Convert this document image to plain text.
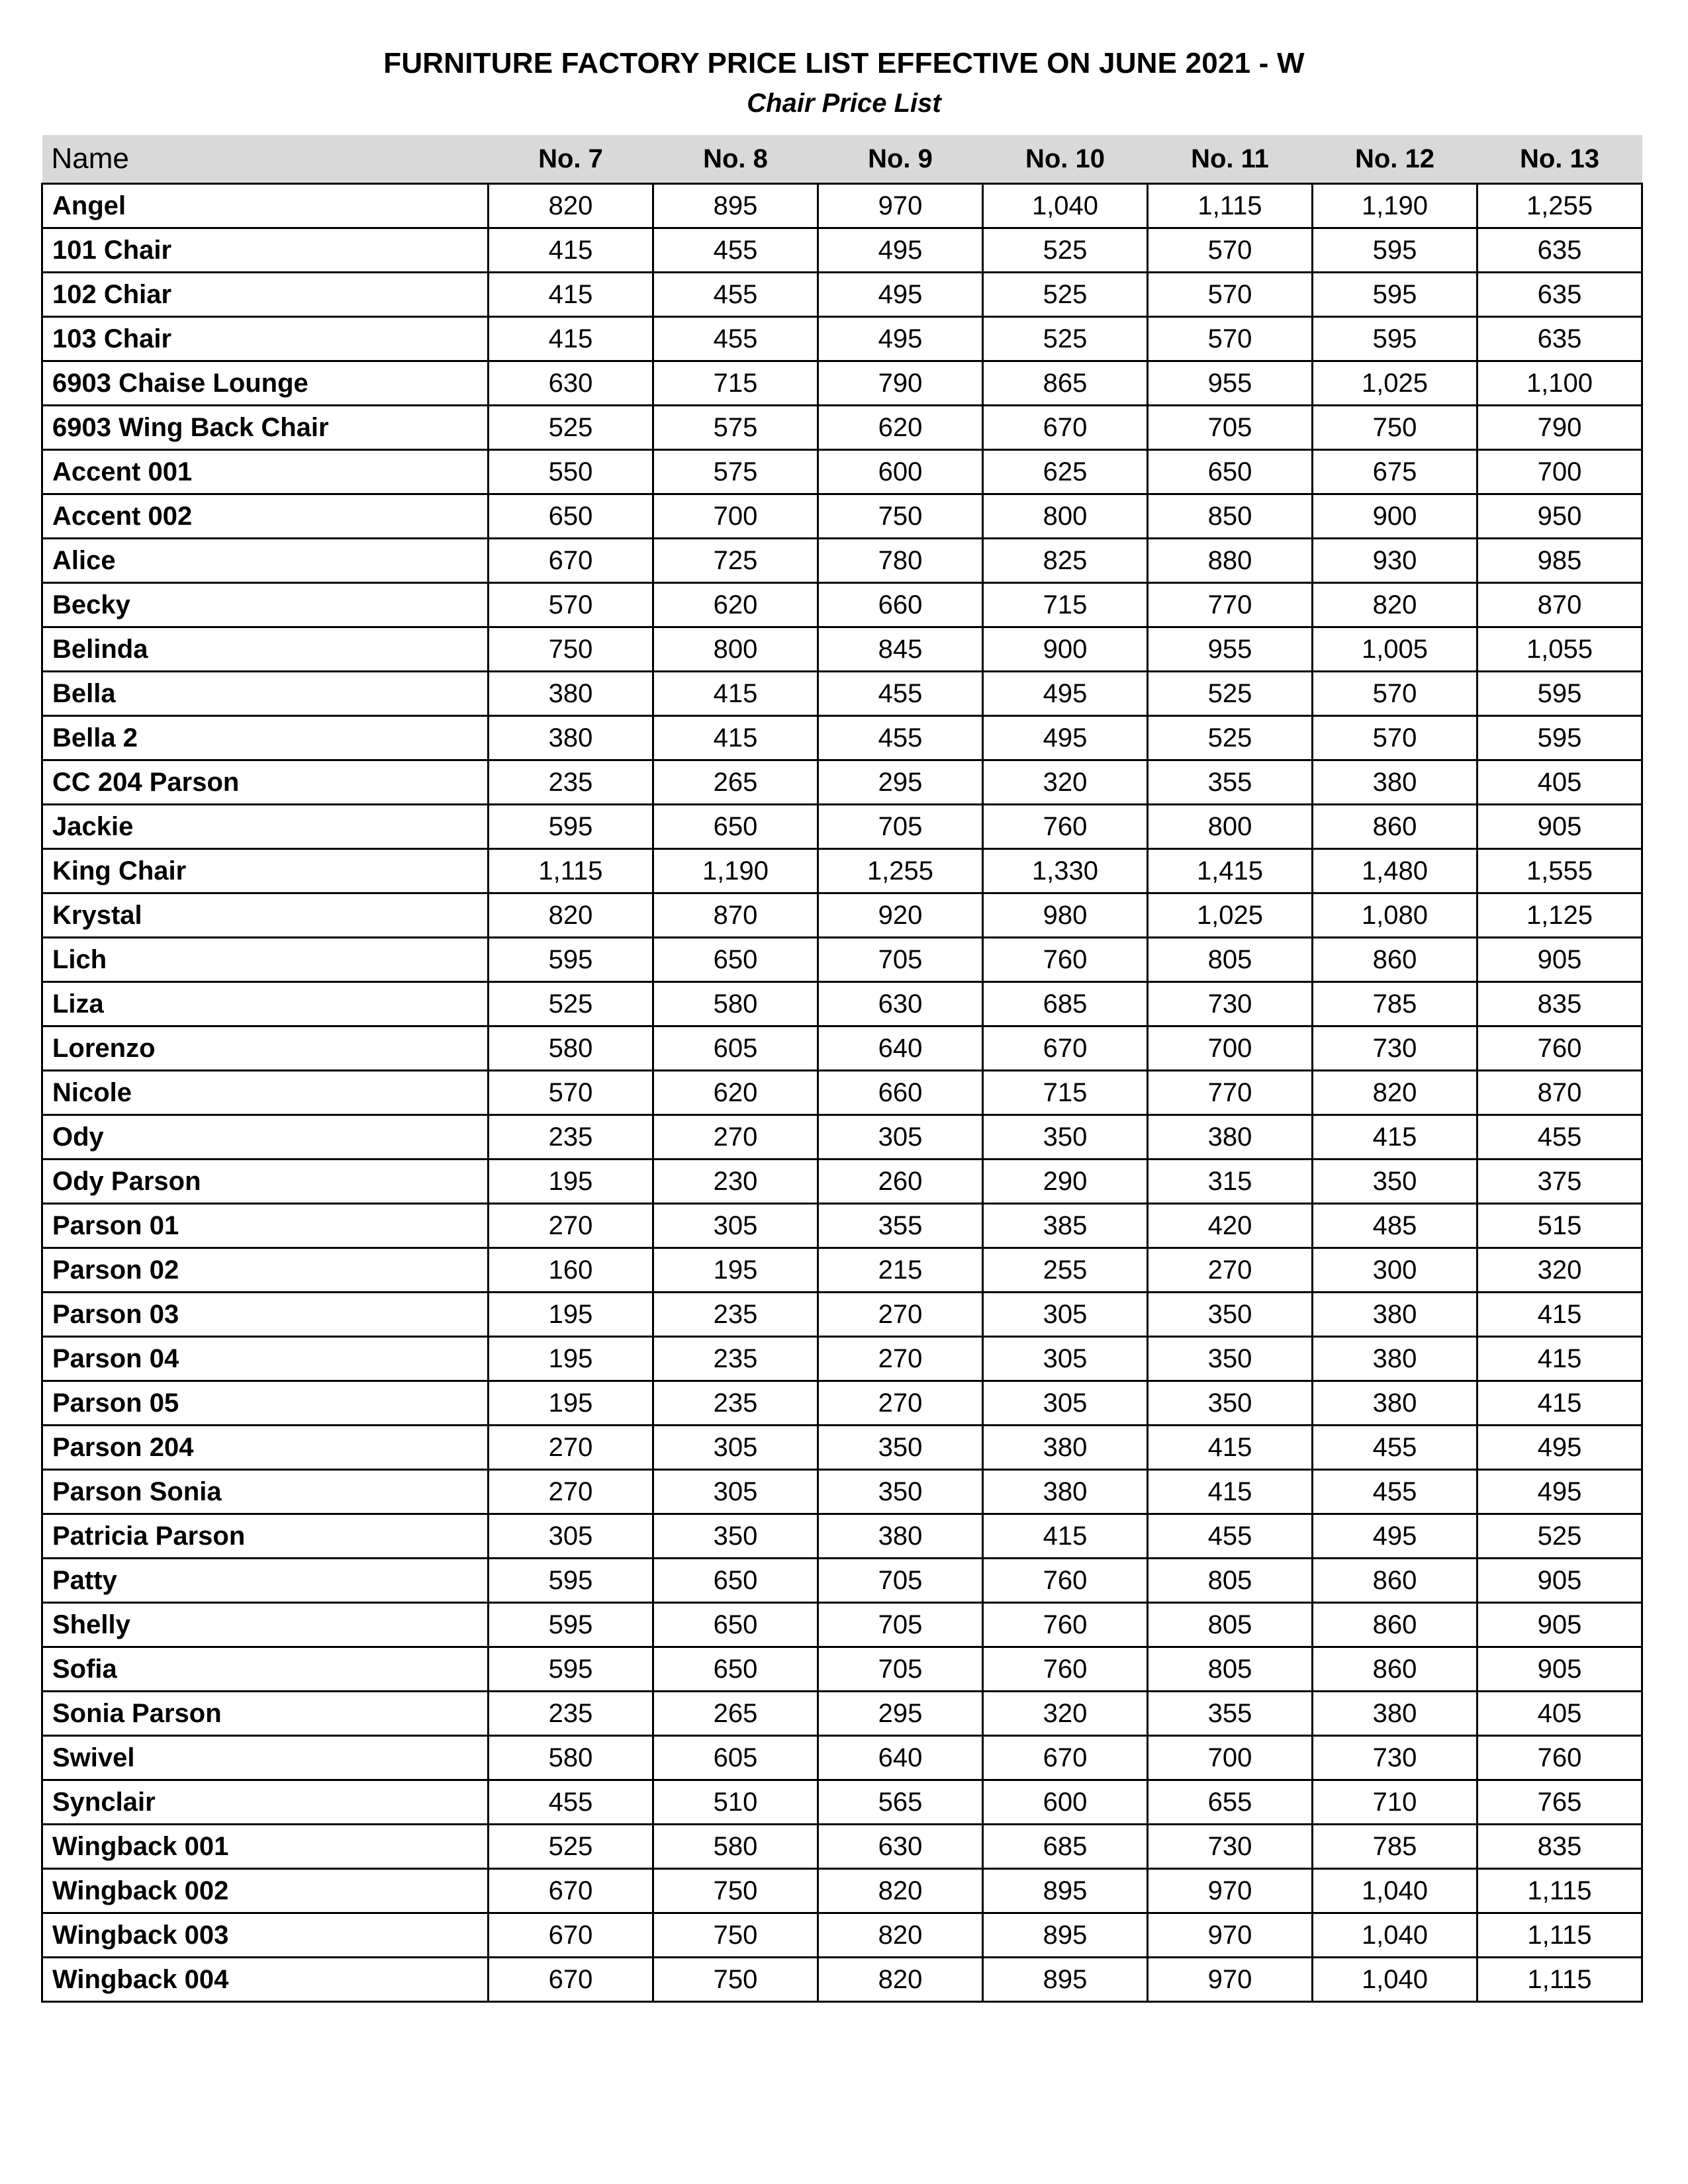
FURNITURE FACTORY PRICE LIST EFFECTIVE ON JUNE 2021 - W
Chair Price List
Name	No. 7	No. 8	No. 9	No. 10	No. 11	No. 12	No. 13
Angel	820	895	970	1,040	1,115	1,190	1,255
101 Chair	415	455	495	525	570	595	635
102 Chiar	415	455	495	525	570	595	635
103 Chair	415	455	495	525	570	595	635
6903 Chaise Lounge	630	715	790	865	955	1,025	1,100
6903 Wing Back Chair	525	575	620	670	705	750	790
Accent 001	550	575	600	625	650	675	700
Accent 002	650	700	750	800	850	900	950
Alice	670	725	780	825	880	930	985
Becky	570	620	660	715	770	820	870
Belinda	750	800	845	900	955	1,005	1,055
Bella	380	415	455	495	525	570	595
Bella 2	380	415	455	495	525	570	595
CC 204 Parson	235	265	295	320	355	380	405
Jackie	595	650	705	760	800	860	905
King Chair	1,115	1,190	1,255	1,330	1,415	1,480	1,555
Krystal	820	870	920	980	1,025	1,080	1,125
Lich	595	650	705	760	805	860	905
Liza	525	580	630	685	730	785	835
Lorenzo	580	605	640	670	700	730	760
Nicole	570	620	660	715	770	820	870
Ody	235	270	305	350	380	415	455
Ody Parson	195	230	260	290	315	350	375
Parson 01	270	305	355	385	420	485	515
Parson 02	160	195	215	255	270	300	320
Parson 03	195	235	270	305	350	380	415
Parson 04	195	235	270	305	350	380	415
Parson 05	195	235	270	305	350	380	415
Parson 204	270	305	350	380	415	455	495
Parson Sonia	270	305	350	380	415	455	495
Patricia Parson	305	350	380	415	455	495	525
Patty	595	650	705	760	805	860	905
Shelly	595	650	705	760	805	860	905
Sofia	595	650	705	760	805	860	905
Sonia Parson	235	265	295	320	355	380	405
Swivel	580	605	640	670	700	730	760
Synclair	455	510	565	600	655	710	765
Wingback 001	525	580	630	685	730	785	835
Wingback 002	670	750	820	895	970	1,040	1,115
Wingback 003	670	750	820	895	970	1,040	1,115
Wingback 004	670	750	820	895	970	1,040	1,115
